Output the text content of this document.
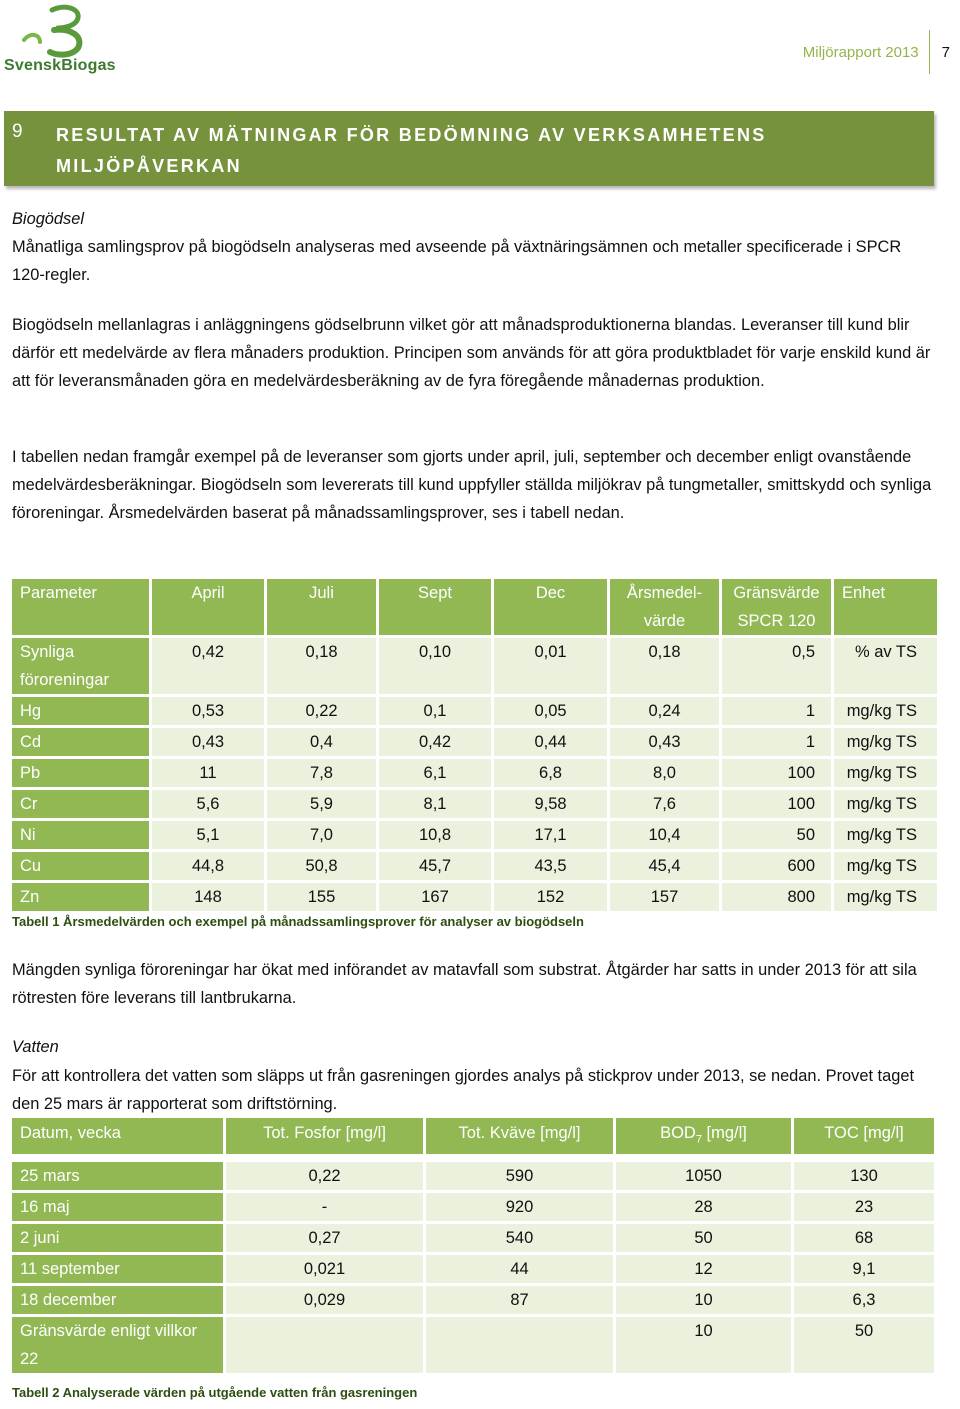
SvenskBiogas
Miljörapport 2013	7
9 RESULTAT AV MÄTNINGAR FÖR BEDÖMNING AV VERKSAMHETENS MILJÖPÅVERKAN
Biogödsel
Månatliga samlingsprov på biogödseln analyseras med avseende på växtnäringsämnen och metaller specificerade i SPCR 120-regler.
Biogödseln mellanlagras i anläggningens gödselbrunn vilket gör att månadsproduktionerna blandas. Leveranser till kund blir därför ett medelvärde av flera månaders produktion. Principen som används för att göra produktbladet för varje enskild kund är att för leveransmånaden göra en medelvärdesberäkning av de fyra föregående månadernas produktion.
I tabellen nedan framgår exempel på de leveranser som gjorts under april, juli, september och december enligt ovanstående medelvärdesberäkningar. Biogödseln som levererats till kund uppfyller ställda miljökrav på tungmetaller, smittskydd och synliga föroreningar. Årsmedelvärden baserat på månadssamlingsprover, ses i tabell nedan.
Parameter	April	Juli	Sept	Dec	Årsmedel-värde	Gränsvärde SPCR 120	Enhet
Synliga föroreningar	0,42	0,18	0,10	0,01	0,18	0,5	% av TS
Hg	0,53	0,22	0,1	0,05	0,24	1	mg/kg TS
Cd	0,43	0,4	0,42	0,44	0,43	1	mg/kg TS
Pb	11	7,8	6,1	6,8	8,0	100	mg/kg TS
Cr	5,6	5,9	8,1	9,58	7,6	100	mg/kg TS
Ni	5,1	7,0	10,8	17,1	10,4	50	mg/kg TS
Cu	44,8	50,8	45,7	43,5	45,4	600	mg/kg TS
Zn	148	155	167	152	157	800	mg/kg TS
Tabell 1 Årsmedelvärden och exempel på månadssamlingsprover för analyser av biogödseln
Mängden synliga föroreningar har ökat med införandet av matavfall som substrat. Åtgärder har satts in under 2013 för att sila rötresten före leverans till lantbrukarna.
Vatten
För att kontrollera det vatten som släpps ut från gasreningen gjordes analys på stickprov under 2013, se nedan. Provet taget den 25 mars är rapporterat som driftstörning.
Datum, vecka	Tot. Fosfor [mg/l]	Tot. Kväve [mg/l]	$BOD_7$ [mg/l]	TOC [mg/l]
25 mars	0,22	590	1050	130
16 maj	-	920	28	23
2 juni	0,27	540	50	68
11 september	0,021	44	12	9,1
18 december	0,029	87	10	6,3
Gränsvärde enligt villkor 22			10	50
Tabell 2 Analyserade värden på utgående vatten från gasreningen
